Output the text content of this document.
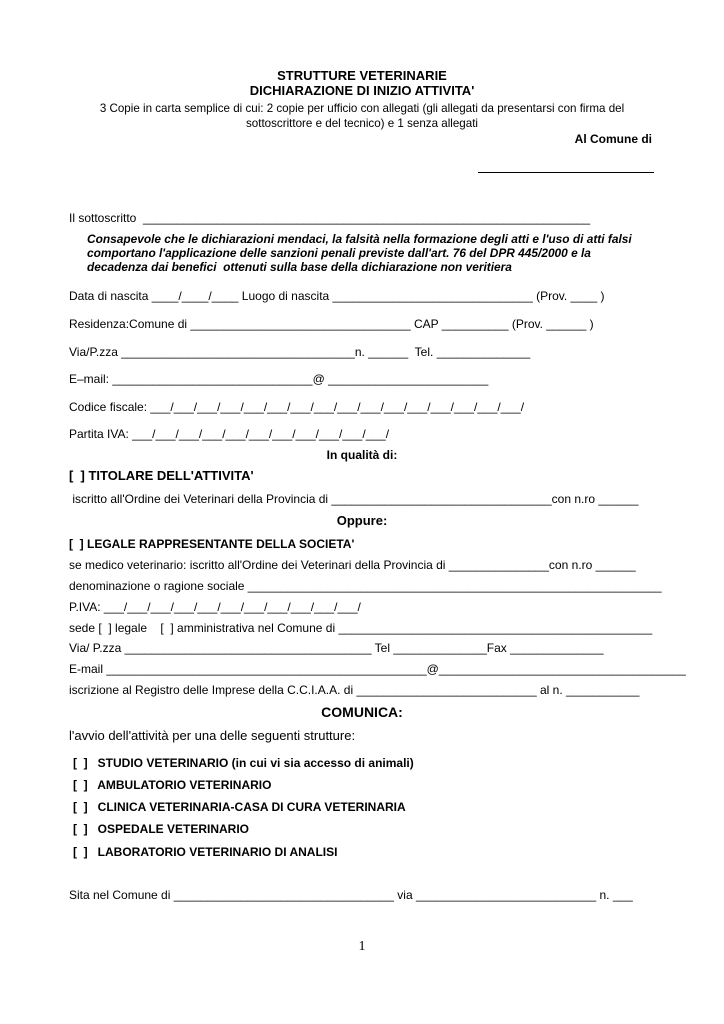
STRUTTURE VETERINARIE
DICHIARAZIONE DI INIZIO ATTIVITA'
3 Copie in carta semplice di cui: 2 copie per ufficio con allegati (gli allegati da presentarsi con firma del
sottoscrittore e del tecnico) e 1 senza allegati
Al Comune di
Il sottoscritto  ___________________________________________________________________
Consapevole che le dichiarazioni mendaci, la falsità nella formazione degli atti e l'uso di atti falsi
comportano l'applicazione delle sanzioni penali previste dall'art. 76 del DPR 445/2000 e la
decadenza dai benefici  ottenuti sulla base della dichiarazione non veritiera
Data di nascita ____/____/____ Luogo di nascita ______________________________ (Prov. ____ )
Residenza:Comune di _________________________________ CAP __________ (Prov. ______ )
Via/P.zza ___________________________________n. ______  Tel. ______________
E–mail: ______________________________@ ________________________
Codice fiscale: ___/___/___/___/___/___/___/___/___/___/___/___/___/___/___/___/
Partita IVA: ___/___/___/___/___/___/___/___/___/___/___/
In qualità di:
[  ] TITOLARE DELL'ATTIVITA'
iscritto all'Ordine dei Veterinari della Provincia di _________________________________con n.ro ______
Oppure:
[  ] LEGALE RAPPRESENTANTE DELLA SOCIETA'
se medico veterinario: iscritto all'Ordine dei Veterinari della Provincia di _______________con n.ro ______
denominazione o ragione sociale ______________________________________________________________
P.IVA: ___/___/___/___/___/___/___/___/___/___/___/
sede [  ] legale    [  ] amministrativa nel Comune di _______________________________________________
Via/ P.zza _____________________________________ Tel ______________Fax ______________
E-mail ________________________________________________@_____________________________________
iscrizione al Registro delle Imprese della C.C.I.A.A. di ___________________________ al n. ___________
COMUNICA:
l'avvio dell'attività per una delle seguenti strutture:
[  ]   STUDIO VETERINARIO (in cui vi sia accesso di animali)
[  ]   AMBULATORIO VETERINARIO
[  ]   CLINICA VETERINARIA-CASA DI CURA VETERINARIA
[  ]   OSPEDALE VETERINARIO
[  ]   LABORATORIO VETERINARIO DI ANALISI
Sita nel Comune di _________________________________ via ___________________________ n. ___
1
